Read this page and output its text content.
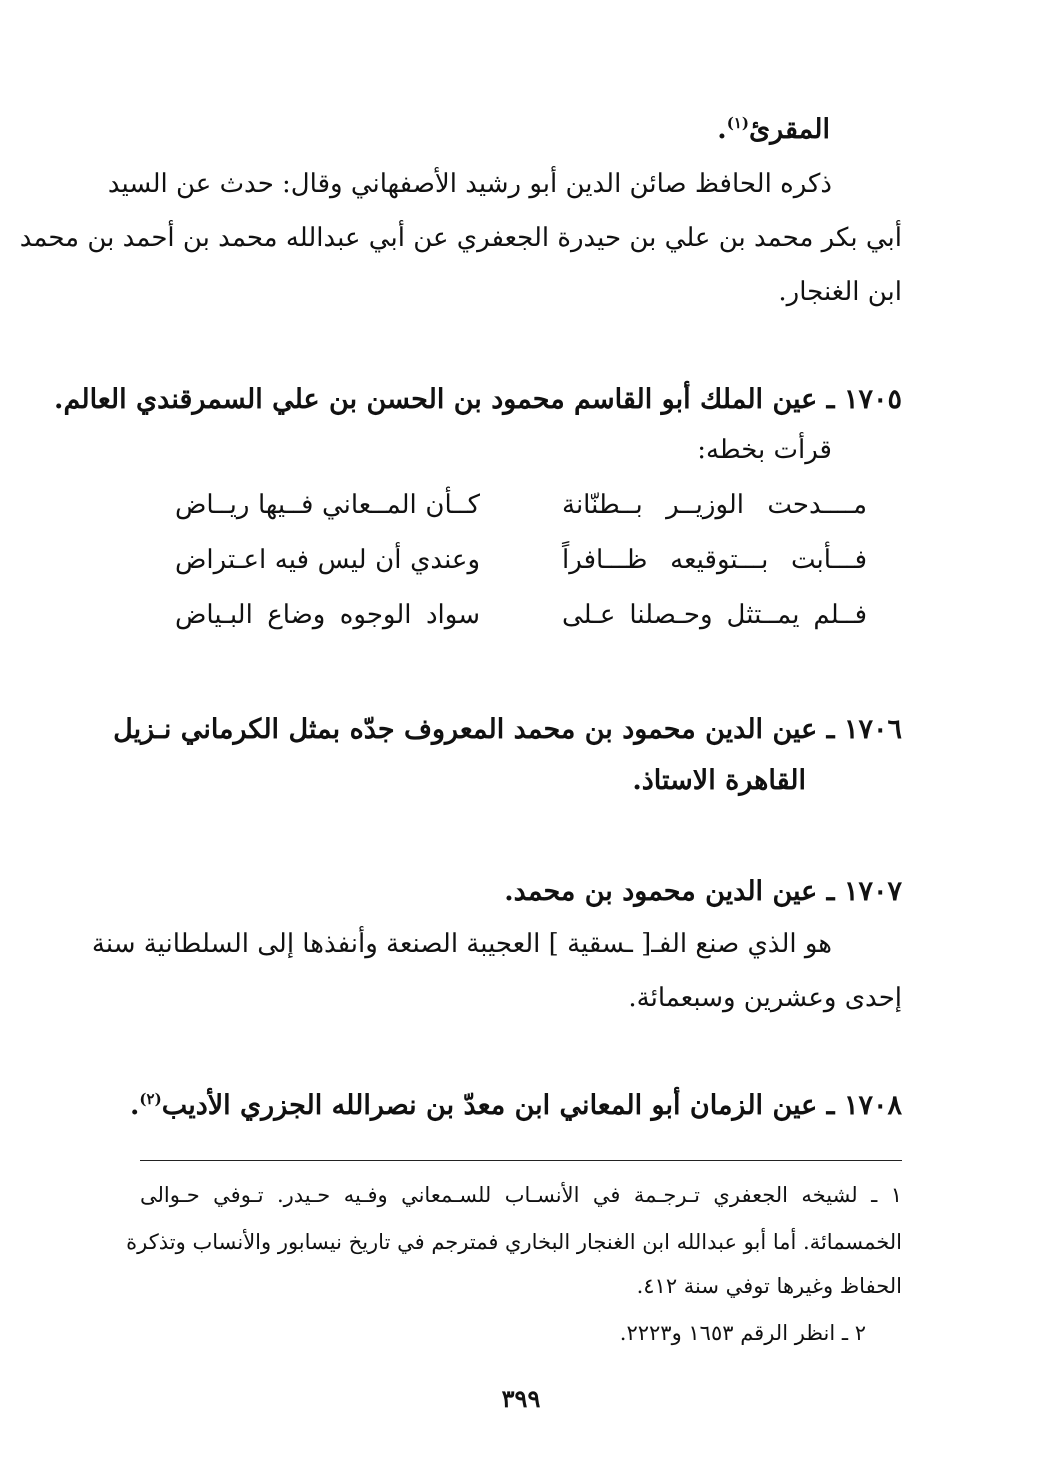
المقرئ$^{(١)}$.
ذكره الحافظ صائن الدين أبو رشيد الأصفهاني وقال: حدث عن السيد
أبي بكر محمد بن علي بن حيدرة الجعفري عن أبي عبدالله محمد بن أحمد بن محمد
ابن الغنجار.
١٧٠٥ ـ عين الملك أبو القاسم محمود بن الحسن بن علي السمرقندي العالم.
قرأت بخطه:
مــــدحت الوزيــر بــطنّانة
كــأن المــعاني فــيها ريــاض
فـــأبت بـــتوقيعه ظـــافراً
وعندي أن ليس فيه اعـتراض
فــلم يمــتثل وحـصلنا عـلى
سواد الوجوه وضاع البـياض
١٧٠٦ ـ عين الدين محمود بن محمد المعروف جدّه بمثل الكرماني نـزيل
القاهرة الاستاذ.
١٧٠٧ ـ عين الدين محمود بن محمد.
هو الذي صنع الفـ[ ـسقية ] العجيبة الصنعة وأنفذها إلى السلطانية سنة
إحدى وعشرين وسبعمائة.
١٧٠٨ ـ عين الزمان أبو المعاني ابن معدّ بن نصرالله الجزري الأديب$^{(٢)}$.
١ ـ لشيخه الجعفري تـرجـمة في الأنسـاب للسـمعاني وفـيه حـيدر. تـوفي حـوالى
الخمسمائة. أما أبو عبدالله ابن الغنجار البخاري فمترجم في تاريخ نيسابور والأنساب وتذكرة
الحفاظ وغيرها توفي سنة ٤١٢.
٢ ـ انظر الرقم ١٦٥٣ و٢٢٢٣.
٣٩٩
